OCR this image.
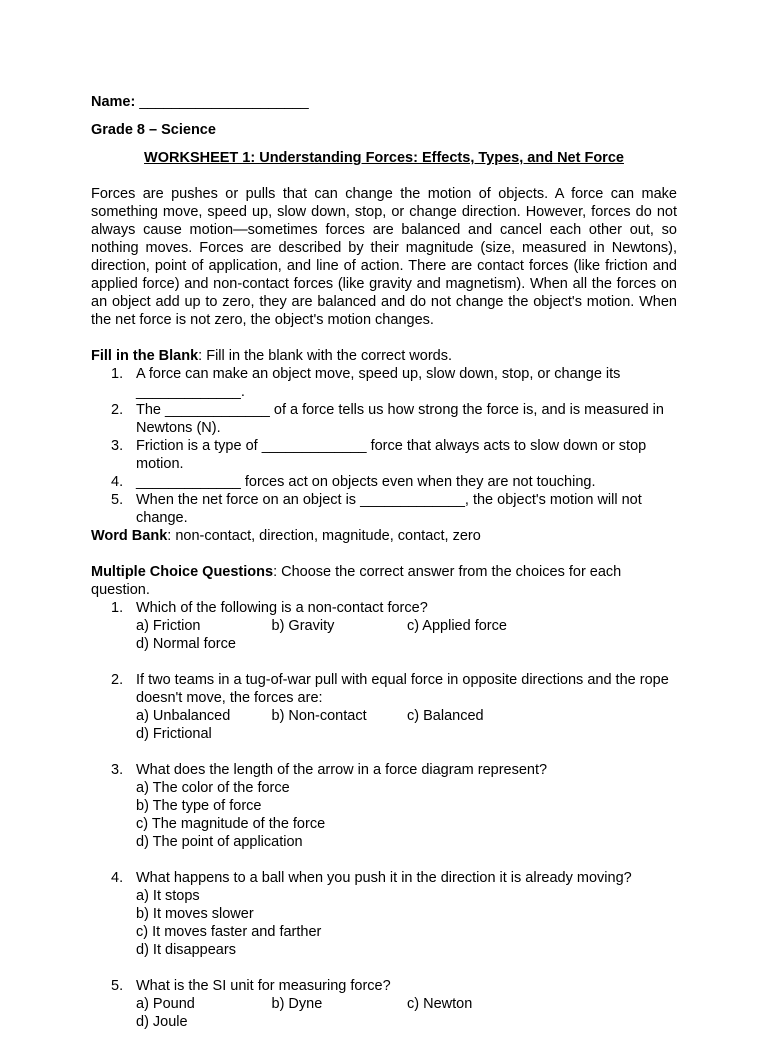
Name: _____________________
Grade 8 – Science
WORKSHEET 1: Understanding Forces: Effects, Types, and Net Force
Forces are pushes or pulls that can change the motion of objects. A force can make something move, speed up, slow down, stop, or change direction. However, forces do not always cause motion—sometimes forces are balanced and cancel each other out, so nothing moves. Forces are described by their magnitude (size, measured in Newtons), direction, point of application, and line of action. There are contact forces (like friction and applied force) and non-contact forces (like gravity and magnetism). When all the forces on an object add up to zero, they are balanced and do not change the object's motion. When the net force is not zero, the object's motion changes.
Fill in the Blank: Fill in the blank with the correct words.
1. A force can make an object move, speed up, slow down, stop, or change its _____________.
2. The _____________ of a force tells us how strong the force is, and is measured in Newtons (N).
3. Friction is a type of _____________ force that always acts to slow down or stop motion.
4. _____________ forces act on objects even when they are not touching.
5. When the net force on an object is _____________, the object's motion will not change.
Word Bank: non-contact, direction, magnitude, contact, zero
Multiple Choice Questions: Choose the correct answer from the choices for each question.
1. Which of the following is a non-contact force?
a) Friction	b) Gravity	c) Applied force
d) Normal force
2. If two teams in a tug-of-war pull with equal force in opposite directions and the rope doesn't move, the forces are:
a) Unbalanced	b) Non-contact	c) Balanced
d) Frictional
3. What does the length of the arrow in a force diagram represent?
a) The color of the force
b) The type of force
c) The magnitude of the force
d) The point of application
4. What happens to a ball when you push it in the direction it is already moving?
a) It stops
b) It moves slower
c) It moves faster and farther
d) It disappears
5. What is the SI unit for measuring force?
a) Pound	b) Dyne	c) Newton
d) Joule
